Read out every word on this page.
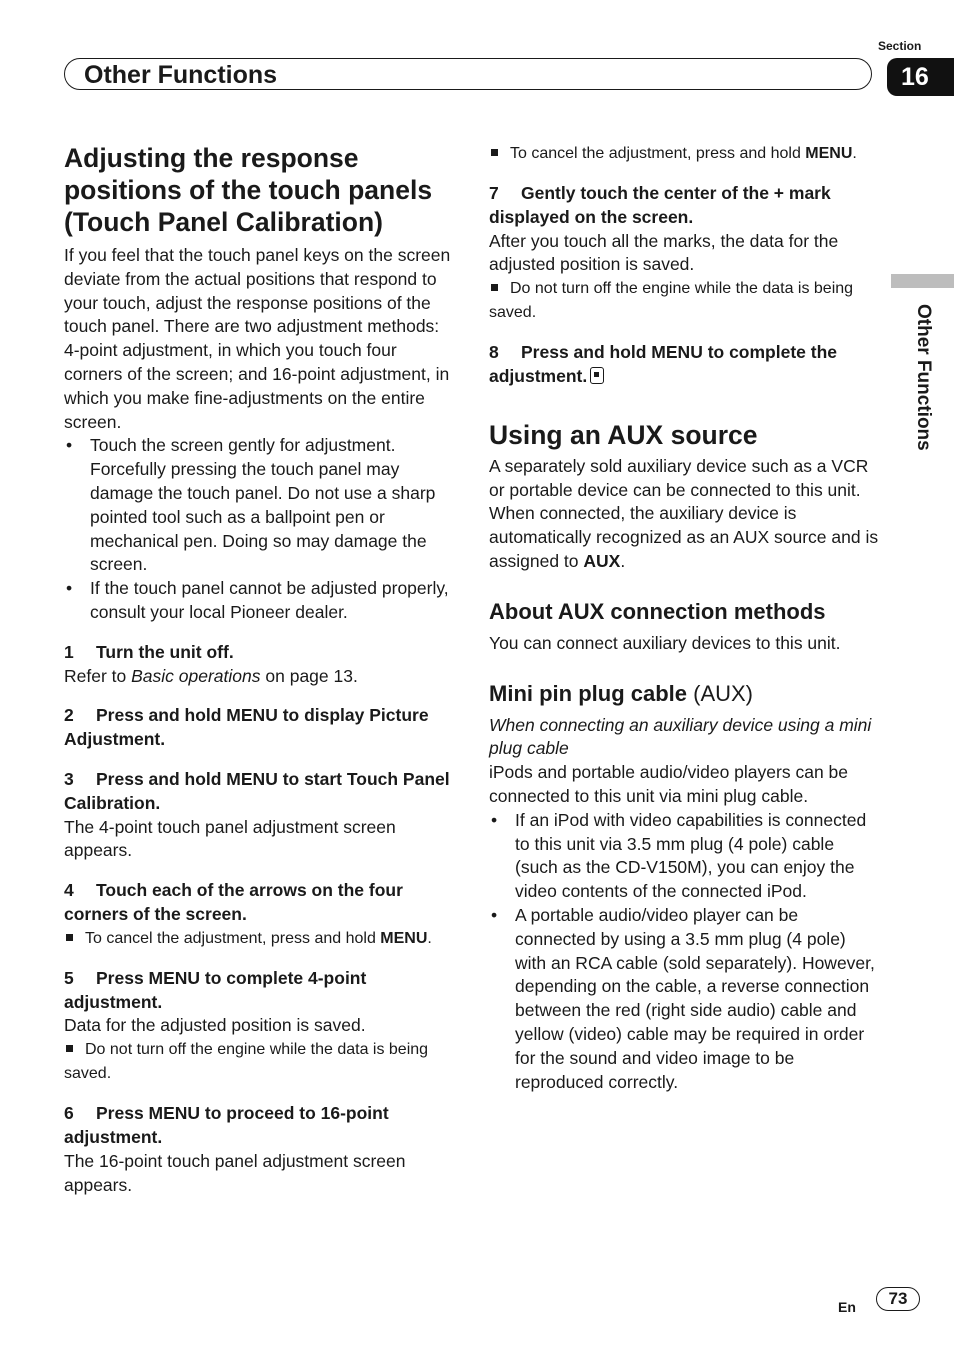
Section
Other Functions	16
Other Functions
Adjusting the response
positions of the touch panels
(Touch Panel Calibration)

If you feel that the touch panel keys on the screen deviate from the actual positions that respond to your touch, adjust the response positions of the touch panel. There are two adjustment methods: 4-point adjustment, in which you touch four corners of the screen; and 16-point adjustment, in which you make fine-adjustments on the entire screen.

• Touch the screen gently for adjustment. Forcefully pressing the touch panel may damage the touch panel. Do not use a sharp pointed tool such as a ballpoint pen or mechanical pen. Doing so may damage the screen.
• If the touch panel cannot be adjusted properly, consult your local Pioneer dealer.
1 Turn the unit off.

Refer to Basic operations on page 13.

2 Press and hold MENU to display Picture Adjustment.
3 Press and hold MENU to start Touch Panel Calibration.

The 4-point touch panel adjustment screen appears.

4 Touch each of the arrows on the four corners of the screen.

To cancel the adjustment, press and hold MENU.

5 Press MENU to complete 4-point adjustment.

Data for the adjusted position is saved.

Do not turn off the engine while the data is being saved.

6 Press MENU to proceed to 16-point adjustment.

The 16-point touch panel adjustment screen appears.

To cancel the adjustment, press and hold MENU.

7 Gently touch the center of the + mark displayed on the screen.

After you touch all the marks, the data for the adjusted position is saved.

Do not turn off the engine while the data is being saved.

8 Press and hold MENU to complete the adjustment.
Using an AUX source

A separately sold auxiliary device such as a VCR or portable device can be connected to this unit. When connected, the auxiliary device is automatically recognized as an AUX source and is assigned to AUX.

About AUX connection methods

You can connect auxiliary devices to this unit.

Mini pin plug cable (AUX)

When connecting an auxiliary device using a mini plug cable

iPods and portable audio/video players can be connected to this unit via mini plug cable.

• If an iPod with video capabilities is connected to this unit via 3.5 mm plug (4 pole) cable (such as the CD-V150M), you can enjoy the video contents of the connected iPod.
• A portable audio/video player can be connected by using a 3.5 mm plug (4 pole) with an RCA cable (sold separately). However, depending on the cable, a reverse connection between the red (right side audio) cable and yellow (video) cable may be required in order for the sound and video image to be reproduced correctly.
En	73
